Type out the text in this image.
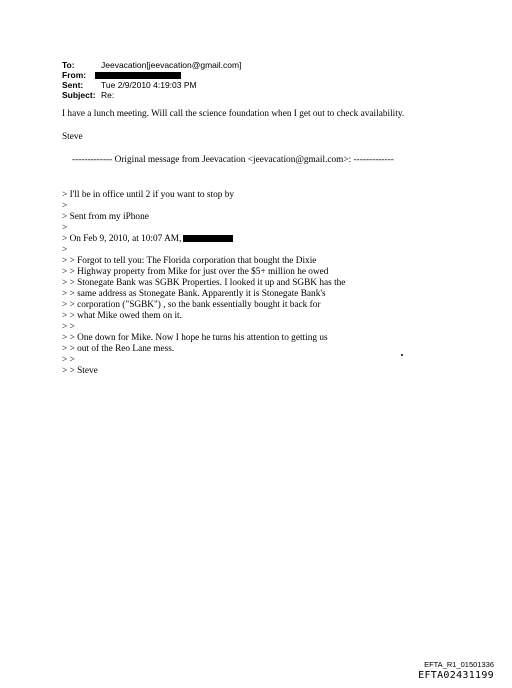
To:	Jeevacation[jeevacation@gmail.com]
From:
Sent:	Tue 2/9/2010 4:19:03 PM
Subject: Re:
I have a lunch meeting. Will call the science foundation when I get out to check availability.
Steve
------------- Original message from Jeevacation <jeevacation@gmail.com>: -------------
> I'll be in office until 2 if you want to stop by
>
> Sent from my iPhone
>
> On Feb 9, 2010, at 10:07 AM,
>
> > Forgot to tell you: The Florida corporation that bought the Dixie
> > Highway property from Mike for just over the $5+ million he owed
> > Stonegate Bank was SGBK Properties. I looked it up and SGBK has the
> > same address as Stonegate Bank. Apparently it is Stonegate Bank's
> > corporation ("SGBK") , so the bank essentially bought it back for
> > what Mike owed them on it.
> >
> > One down for Mike. Now I hope he turns his attention to getting us
> > out of the Reo Lane mess.
> >
> > Steve
EFTA_R1_01501336
EFTA02431199
